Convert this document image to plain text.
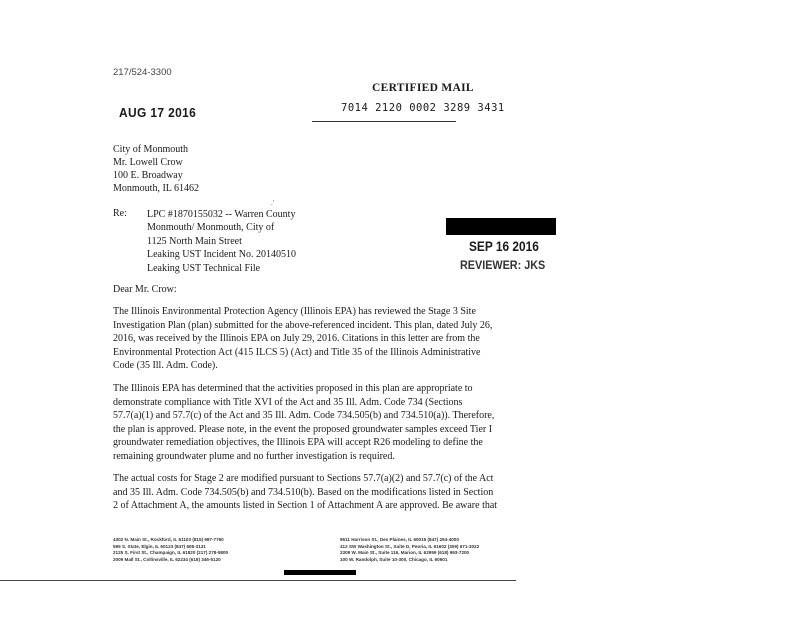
217/524-3300
CERTIFIED MAIL
AUG 17 2016	.
7014 2120 0002 3289 3431
City of Monmouth
Mr. Lowell Crow
100 E. Broadway
Monmouth, IL 61462
.'
Re: LPC #1870155032 -- Warren County
Monmouth/ Monmouth, City of
1125 North Main Street
Leaking UST Incident No. 20140510
Leaking UST Technical File
SEP 16 2016
REVIEWER: JKS
Dear Mr. Crow:
The Illinois Environmental Protection Agency (Illinois EPA) has reviewed the Stage 3 Site
Investigation Plan (plan) submitted for the above-referenced incident. This plan, dated July 26,
2016, was received by the Illinois EPA on July 29, 2016. Citations in this letter are from the
Environmental Protection Act (415 ILCS 5) (Act) and Title 35 of the Illinois Administrative
Code (35 Ill. Adm. Code).
The Illinois EPA has determined that the activities proposed in this plan are appropriate to
demonstrate compliance with Title XVI of the Act and 35 Ill. Adm. Code 734 (Sections
57.7(a)(1) and 57.7(c) of the Act and 35 Ill. Adm. Code 734.505(b) and 734.510(a)). Therefore,
the plan is approved. Please note, in the event the proposed groundwater samples exceed Tier I
groundwater remediation objectives, the Illinois EPA will accept R26 modeling to define the
remaining groundwater plume and no further investigation is required.
The actual costs for Stage 2 are modified pursuant to Sections 57.7(a)(2) and 57.7(c) of the Act
and 35 Ill. Adm. Code 734.505(b) and 734.510(b). Based on the modifications listed in Section
2 of Attachment A, the amounts listed in Section 1 of Attachment A are approved. Be aware that
4302 N. Main St., Rockford, IL 61103 (815) 987-7760
595 S. State, Elgin, IL 60123 (847) 608-3131
2125 S. First St., Champaign, IL 61820 (217) 278-5800
2009 Mall St., Collinsville, IL 62234 (618) 346-5120
9511 Harrison St., Des Plaines, IL 60016 (847) 294-4000
412 SW Washington St., Suite D, Peoria, IL 61602 (309) 671-3022
2309 W. Main St., Suite 116, Marion, IL 62959 (618) 993-7200
100 W. Randolph, Suite 10-300, Chicago, IL 60601
